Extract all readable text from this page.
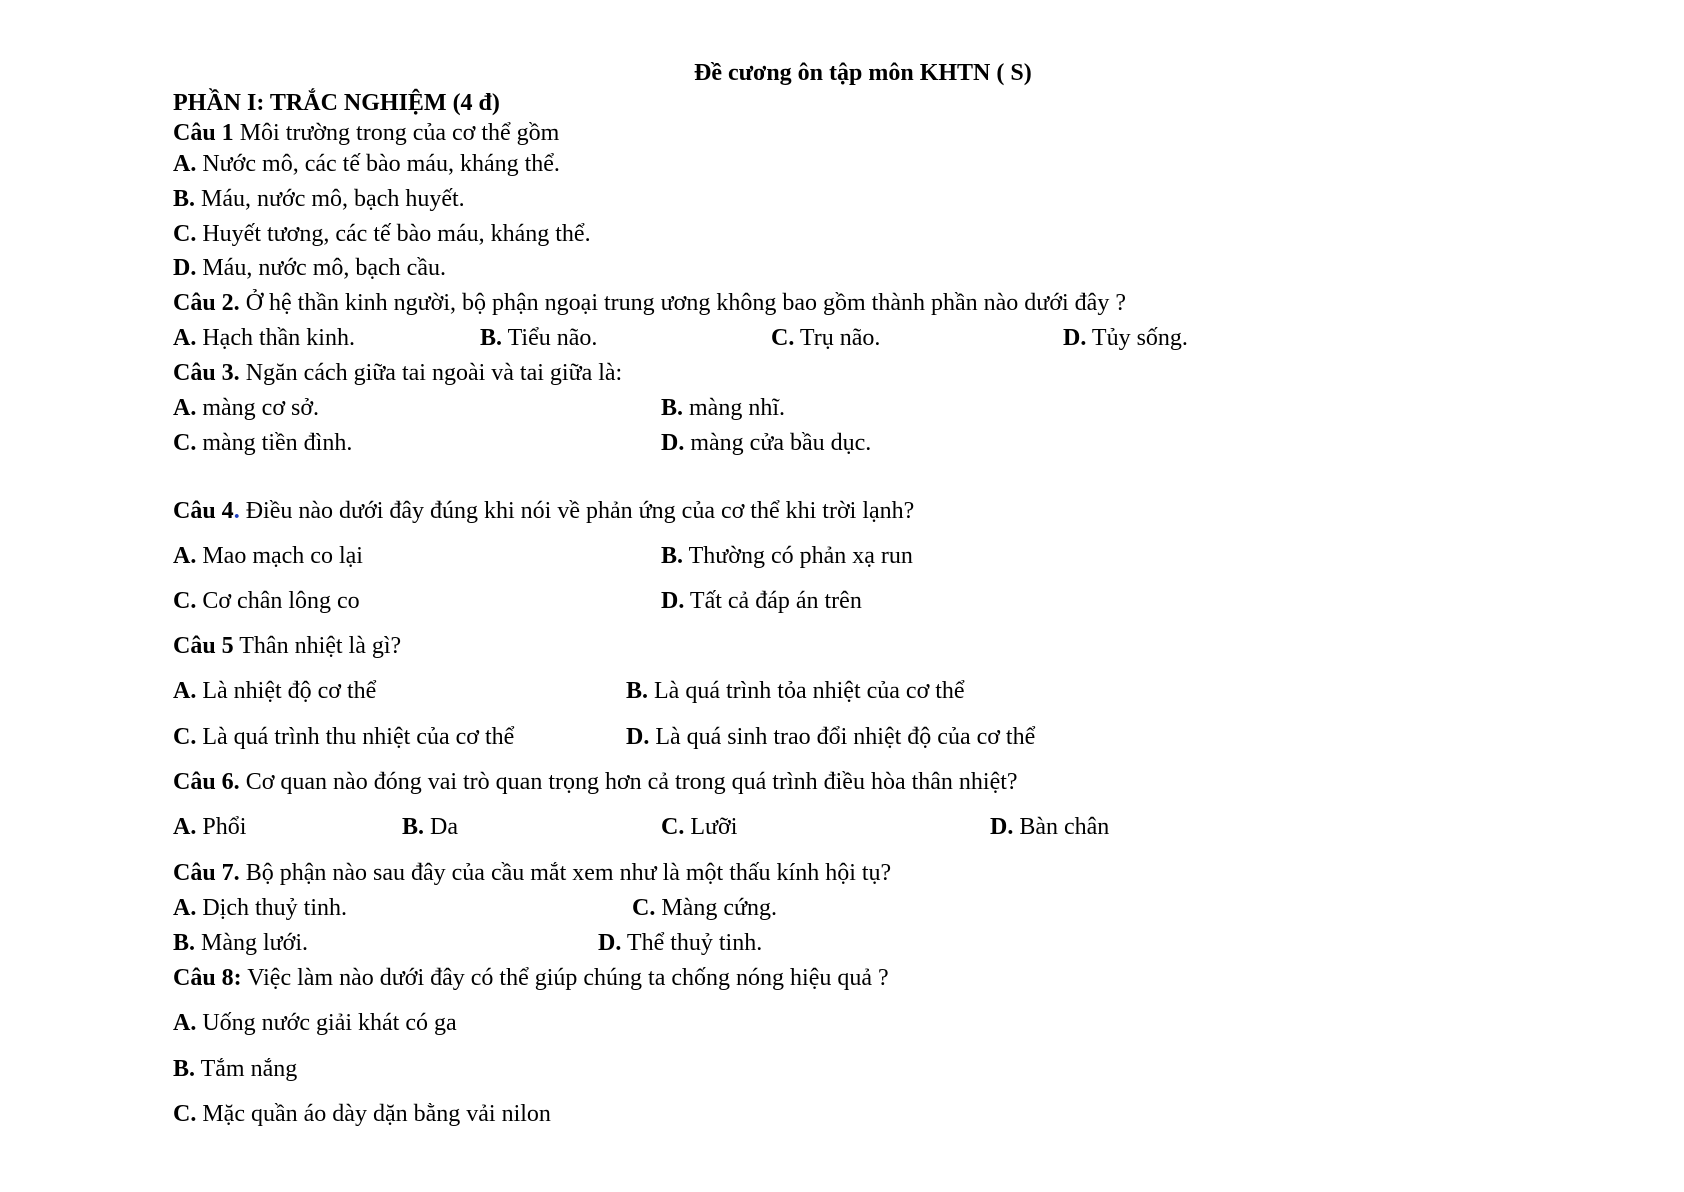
Đề cương ôn tập môn KHTN ( S)
PHẦN I: TRẮC NGHIỆM (4 đ)
Câu 1 Môi trường trong của cơ thể gồm
A. Nước mô, các tế bào máu, kháng thể.
B. Máu, nước mô, bạch huyết.
C. Huyết tương, các tế bào máu, kháng thể.
D. Máu, nước mô, bạch cầu.
Câu 2. Ở hệ thần kinh người, bộ phận ngoại trung ương không bao gồm thành phần nào dưới đây ?
A. Hạch thần kinh.	B. Tiểu não.	C. Trụ não.	D. Tủy sống.
Câu 3. Ngăn cách giữa tai ngoài và tai giữa là:
A. màng cơ sở.	B. màng nhĩ.
C. màng tiền đình.	D. màng cửa bầu dục.
Câu 4. Điều nào dưới đây đúng khi nói về phản ứng của cơ thể khi trời lạnh?
A. Mao mạch co lại	B. Thường có phản xạ run
C. Cơ chân lông co	D. Tất cả đáp án trên
Câu 5 Thân nhiệt là gì?
A. Là nhiệt độ cơ thể	B. Là quá trình tỏa nhiệt của cơ thể
C. Là quá trình thu nhiệt của cơ thể	D. Là quá sinh trao đổi nhiệt độ của cơ thể
Câu 6. Cơ quan nào đóng vai trò quan trọng hơn cả trong quá trình điều hòa thân nhiệt?
A. Phổi	B. Da	C. Lưỡi	D. Bàn chân
Câu 7. Bộ phận nào sau đây của cầu mắt xem như là một thấu kính hội tụ?
A. Dịch thuỷ tinh.	C. Màng cứng.
B. Màng lưới.	D. Thể thuỷ tinh.
Câu 8: Việc làm nào dưới đây có thể giúp chúng ta chống nóng hiệu quả ?
A. Uống nước giải khát có ga
B. Tắm nắng
C. Mặc quần áo dày dặn bằng vải nilon
